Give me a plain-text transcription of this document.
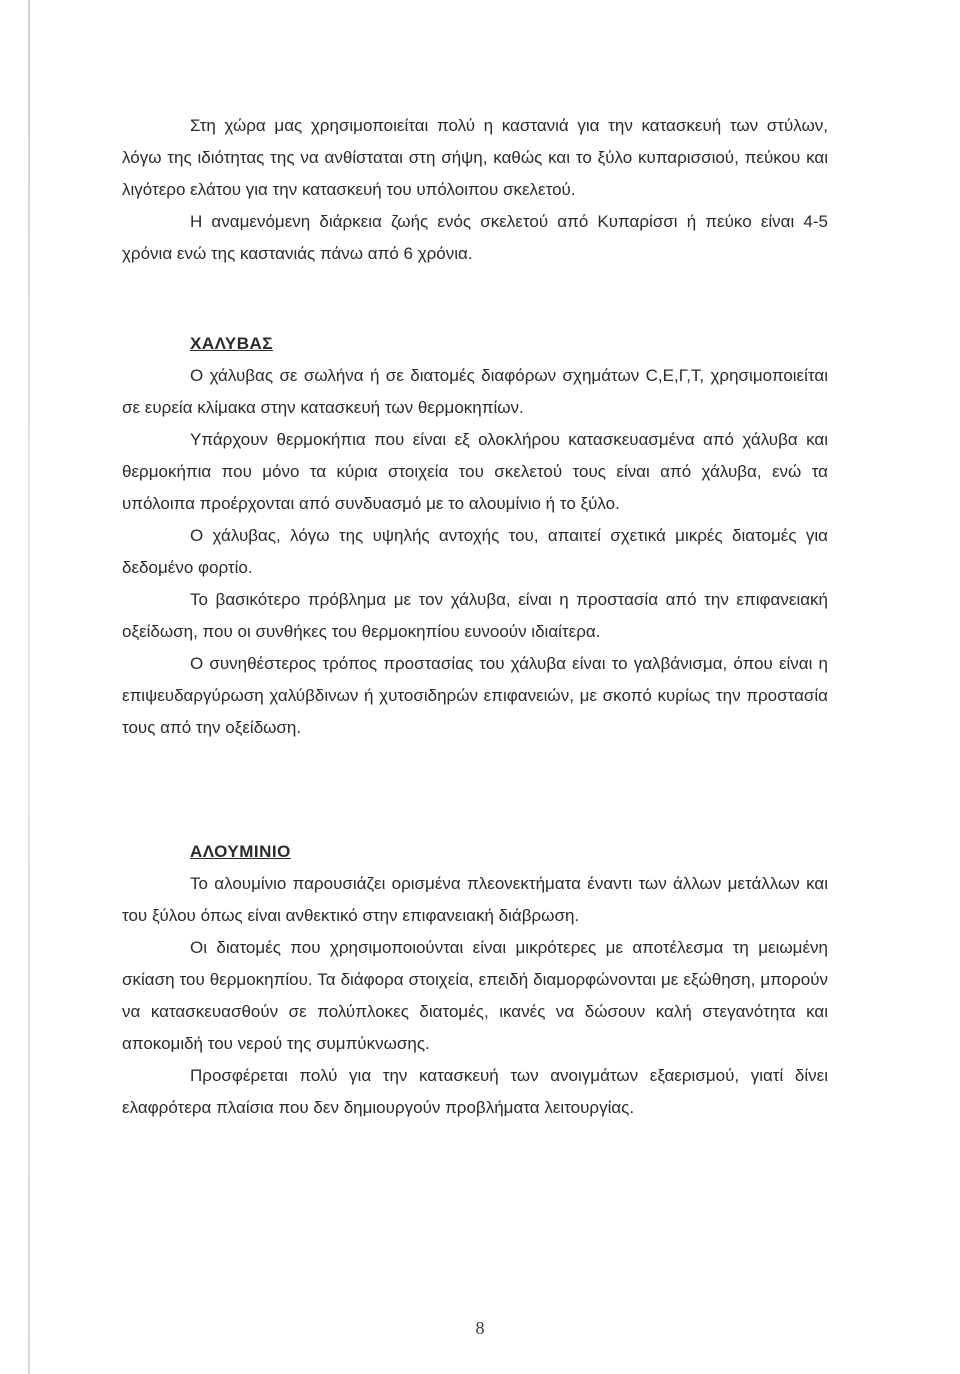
Στη χώρα μας χρησιμοποιείται πολύ η καστανιά για την κατασκευή των στύλων, λόγω της ιδιότητας της να ανθίσταται στη σήψη, καθώς και το ξύλο κυπαρισσιού, πεύκου και λιγότερο ελάτου για την κατασκευή του υπόλοιπου σκελετού.

Η αναμενόμενη διάρκεια ζωής ενός σκελετού από Κυπαρίσσι ή πεύκο είναι 4-5 χρόνια ενώ της καστανιάς πάνω από 6 χρόνια.

ΧΑΛΥΒΑΣ

Ο χάλυβας σε σωλήνα ή σε διατομές διαφόρων σχημάτων C,E,Γ,T, χρησιμοποιείται σε ευρεία κλίμακα στην κατασκευή των θερμοκηπίων.

Υπάρχουν θερμοκήπια που είναι εξ ολοκλήρου κατασκευασμένα από χάλυβα και θερμοκήπια που μόνο τα κύρια στοιχεία του σκελετού τους είναι από χάλυβα, ενώ τα υπόλοιπα προέρχονται από συνδυασμό με το αλουμίνιο ή το ξύλο.

Ο χάλυβας, λόγω της υψηλής αντοχής του, απαιτεί σχετικά μικρές διατομές για δεδομένο φορτίο.

Το βασικότερο πρόβλημα με τον χάλυβα, είναι η προστασία από την επιφανειακή οξείδωση, που οι συνθήκες του θερμοκηπίου ευνοούν ιδιαίτερα.

Ο συνηθέστερος τρόπος προστασίας του χάλυβα είναι το γαλβάνισμα, όπου είναι η επιψευδαργύρωση χαλύβδινων ή χυτοσιδηρών επιφανειών, με σκοπό κυρίως την προστασία τους από την οξείδωση.

ΑΛΟΥΜΙΝΙΟ

Το αλουμίνιο παρουσιάζει ορισμένα πλεονεκτήματα έναντι των άλλων μετάλλων και του ξύλου όπως είναι ανθεκτικό στην επιφανειακή διάβρωση.

Οι διατομές που χρησιμοποιούνται είναι μικρότερες με αποτέλεσμα τη μειωμένη σκίαση του θερμοκηπίου. Τα διάφορα στοιχεία, επειδή διαμορφώνονται με εξώθηση, μπορούν να κατασκευασθούν σε πολύπλοκες διατομές, ικανές να δώσουν καλή στεγανότητα και αποκομιδή του νερού της συμπύκνωσης.

Προσφέρεται πολύ για την κατασκευή των ανοιγμάτων εξαερισμού, γιατί δίνει ελαφρότερα πλαίσια που δεν δημιουργούν προβλήματα λειτουργίας.

8
